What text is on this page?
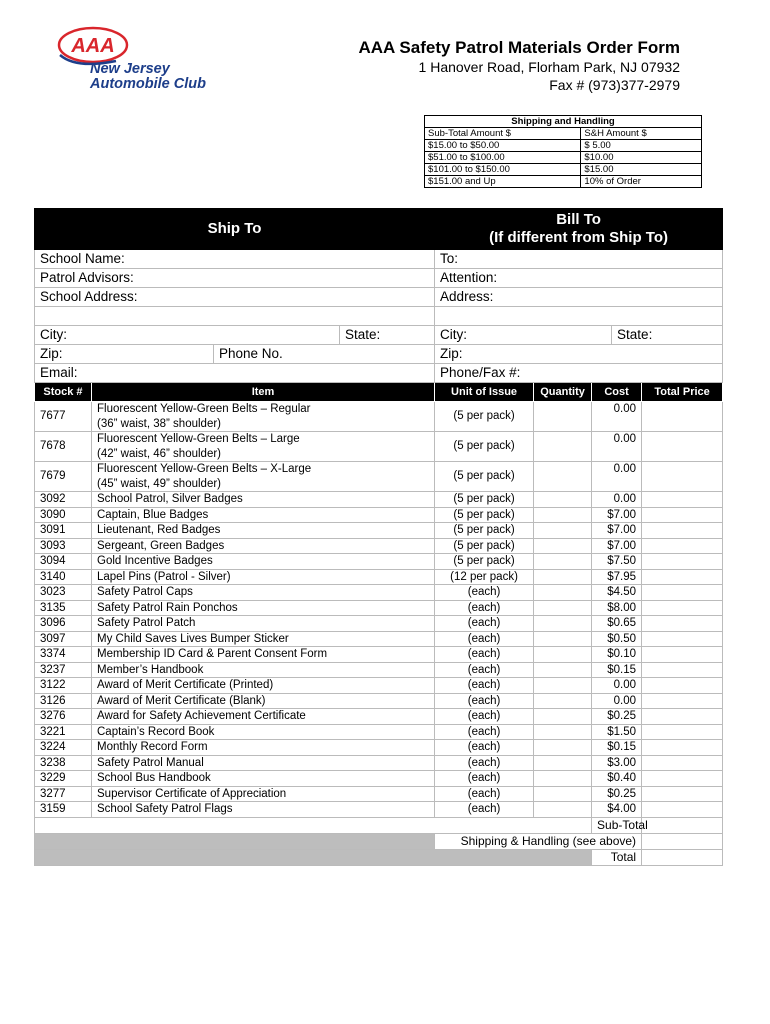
AAA
New Jersey
Automobile Club
AAA Safety Patrol Materials Order Form
1 Hanover Road, Florham Park, NJ 07932
Fax # (973)377-2979
Shipping and Handling	
Sub-Total Amount $	S&H Amount $
$15.00 to $50.00	$ 5.00
$51.00 to $100.00	$10.00
$101.00 to $150.00	$15.00
$151.00 and Up	10% of Order
Ship To				Bill To
(If different from Ship To)				

School Name:				To:				
Patrol Advisors:				Attention:				
School Address:				Address:				

City:			State:	City:			State:	
Zip:		Phone No.		Zip:				
Email:				Phone/Fax #:				
Stock #	Item			Unit of Issue	Quantity	Cost		Total Price
7677	Fluorescent Yellow-Green Belts – Regular
(36” waist, 38” shoulder)			(5 per pack)		0.00		
7678	Fluorescent Yellow-Green Belts – Large
(42” waist, 46” shoulder)			(5 per pack)		0.00		
7679	Fluorescent Yellow-Green Belts – X-Large
(45” waist, 49” shoulder)			(5 per pack)		0.00		
3092	School Patrol, Silver Badges			(5 per pack)		0.00		
3090	Captain, Blue Badges			(5 per pack)		$7.00		
3091	Lieutenant, Red Badges			(5 per pack)		$7.00		
3093	Sergeant, Green Badges			(5 per pack)		$7.00		
3094	Gold Incentive Badges			(5 per pack)		$7.50		
3140	Lapel Pins (Patrol - Silver)			(12 per pack)		$7.95		
3023	Safety Patrol Caps			(each)		$4.50		
3135	Safety Patrol Rain Ponchos			(each)		$8.00		
3096	Safety Patrol Patch			(each)		$0.65		
3097	My Child Saves Lives Bumper Sticker			(each)		$0.50		
3374	Membership ID Card & Parent Consent Form			(each)		$0.10		
3237	Member’s Handbook			(each)		$0.15		
3122	Award of Merit Certificate (Printed)			(each)		0.00		
3126	Award of Merit Certificate (Blank)			(each)		0.00		
3276	Award for Safety Achievement Certificate			(each)		$0.25		
3221	Captain’s Record Book			(each)		$1.50		
3224	Monthly Record Form			(each)		$0.15		
3238	Safety Patrol Manual			(each)		$3.00		
3229	School Bus Handbook			(each)		$0.40		
3277	Supervisor Certificate of Appreciation			(each)		$0.25		
3159	School Safety Patrol Flags			(each)		$4.00		
						Sub-Total		
				Shipping & Handling (see above)				
						Total		
